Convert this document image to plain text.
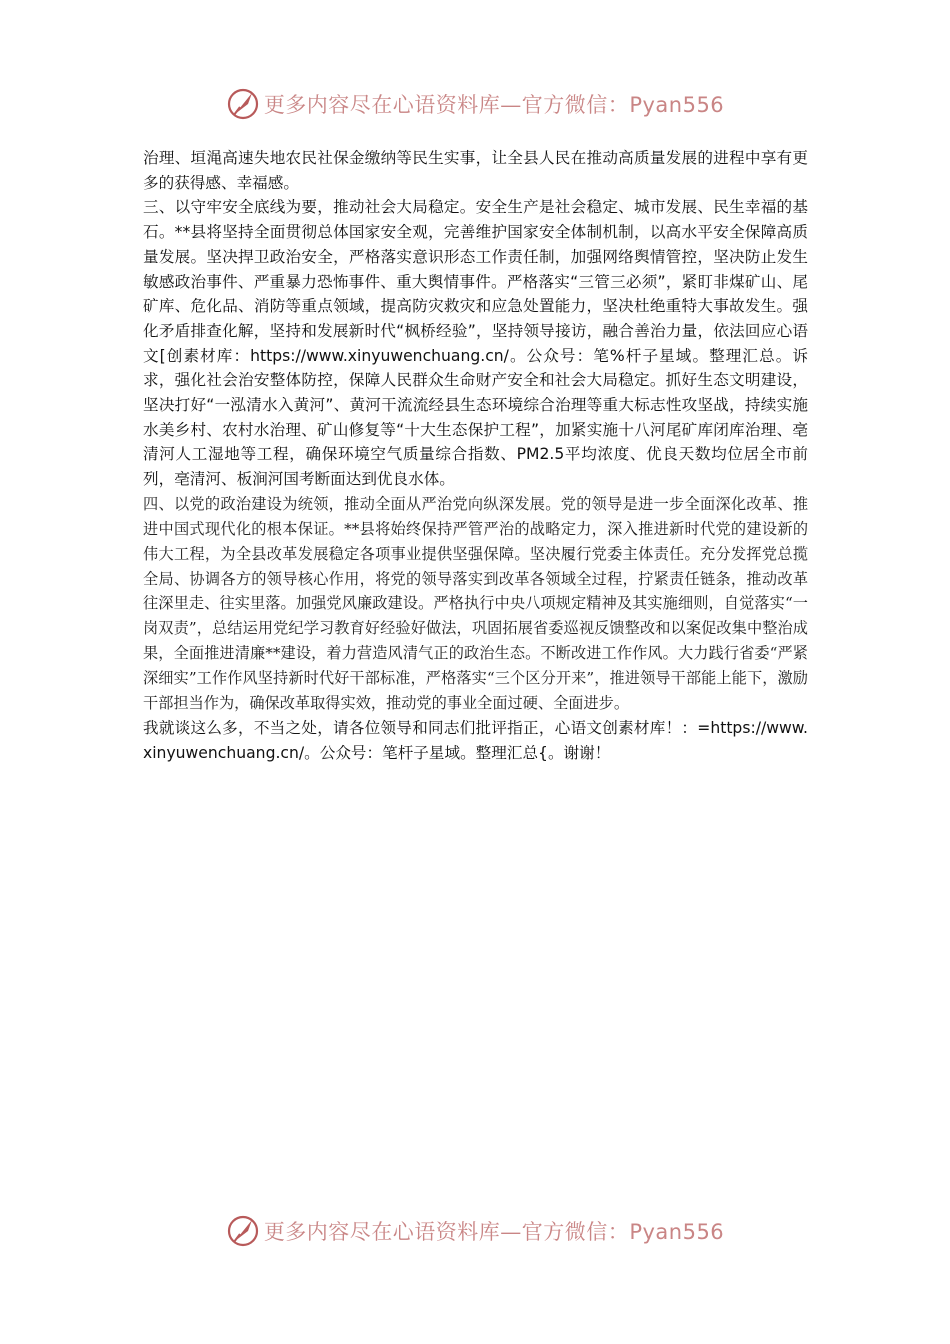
更多内容尽在心语资料库—官方微信：Pyan556

治理、垣渑高速失地农民社保金缴纳等民生实事，让全县人民在推动高质量发展的进程中享有更多的获得感、幸福感。

三、以守牢安全底线为要，推动社会大局稳定。安全生产是社会稳定、城市发展、民生幸福的基石。**县将坚持全面贯彻总体国家安全观，完善维护国家安全体制机制，以高水平安全保障高质量发展。坚决捍卫政治安全，严格落实意识形态工作责任制，加强网络舆情管控，坚决防止发生敏感政治事件、严重暴力恐怖事件、重大舆情事件。严格落实“三管三必须”，紧盯非煤矿山、尾矿库、危化品、消防等重点领域，提高防灾救灾和应急处置能力，坚决杜绝重特大事故发生。强化矛盾排查化解，坚持和发展新时代“枫桥经验”，坚持领导接访，融合善治力量，依法回应心语文[创素材库：https://www.xinyuwenchuang.cn/。公众号：笔%杆子星域。整理汇总。诉求，强化社会治安整体防控，保障人民群众生命财产安全和社会大局稳定。抓好生态文明建设，坚决打好“一泓清水入黄河”、黄河干流流经县生态环境综合治理等重大标志性攻坚战，持续实施水美乡村、农村水治理、矿山修复等“十大生态保护工程”，加紧实施十八河尾矿库闭库治理、亳清河人工湿地等工程，确保环境空气质量综合指数、PM2.5平均浓度、优良天数均位居全市前列，亳清河、板涧河国考断面达到优良水体。

四、以党的政治建设为统领，推动全面从严治党向纵深发展。党的领导是进一步全面深化改革、推进中国式现代化的根本保证。**县将始终保持严管严治的战略定力，深入推进新时代党的建设新的伟大工程，为全县改革发展稳定各项事业提供坚强保障。坚决履行党委主体责任。充分发挥党总揽全局、协调各方的领导核心作用，将党的领导落实到改革各领域全过程，拧紧责任链条，推动改革往深里走、往实里落。加强党风廉政建设。严格执行中央八项规定精神及其实施细则，自觉落实“一岗双责”，总结运用党纪学习教育好经验好做法，巩固拓展省委巡视反馈整改和以案促改集中整治成果，全面推进清廉**建设，着力营造风清气正的政治生态。不断改进工作作风。大力践行省委“严紧深细实”工作作风坚持新时代好干部标准，严格落实“三个区分开来”，推进领导干部能上能下，激励干部担当作为，确保改革取得实效，推动党的事业全面过硬、全面进步。

我就谈这么多，不当之处，请各位领导和同志们批评指正，心语文创素材库！：=https://www.xinyuwenchuang.cn/。公众号：笔杆子星域。整理汇总{。谢谢！

更多内容尽在心语资料库—官方微信：Pyan556
